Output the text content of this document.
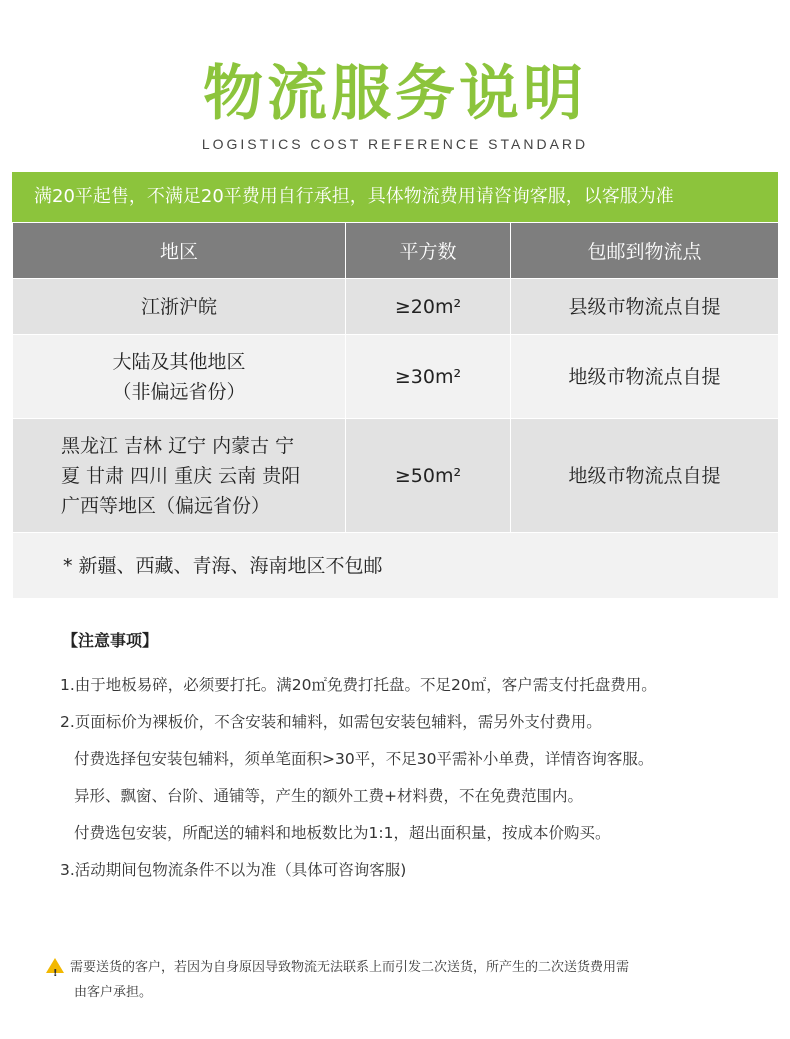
物流服务说明
LOGISTICS COST REFERENCE STANDARD
满20平起售，不满足20平费用自行承担，具体物流费用请咨询客服，以客服为准
地区	平方数	包邮到物流点
江浙沪皖	≥20m²	县级市物流点自提

大陆及其他地区
（非偏远省份）	≥30m²	地级市物流点自提

黑龙江 吉林 辽宁 内蒙古 宁
夏 甘肃 四川 重庆 云南 贵阳
广西等地区（偏远省份）	≥50m²	地级市物流点自提
* 新疆、西藏、青海、海南地区不包邮		
【注意事项】

1.由于地板易碎，必须要打托。满20㎡免费打托盘。不足20㎡，客户需支付托盘费用。

2.页面标价为裸板价，不含安装和辅料，如需包安装包辅料，需另外支付费用。

付费选择包安装包辅料，须单笔面积>30平，不足30平需补小单费，详情咨询客服。

异形、飘窗、台阶、通铺等，产生的额外工费+材料费，不在免费范围内。

付费选包安装，所配送的辅料和地板数比为1:1，超出面积量，按成本价购买。

3.活动期间包物流条件不以为准（具体可咨询客服)

!需要送货的客户，若因为自身原因导致物流无法联系上而引发二次送货，所产生的二次送货费用需
由客户承担。
